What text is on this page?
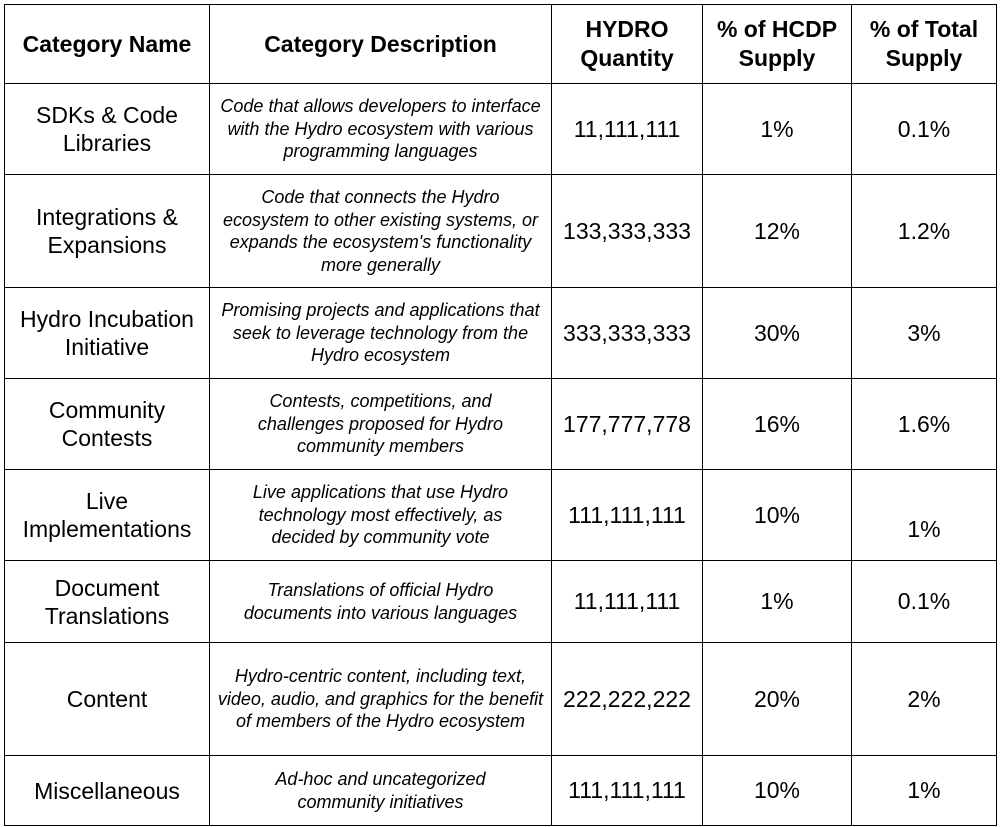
Category Name	Category Description	HYDRO Quantity	% of HCDP Supply	% of Total Supply
SDKs & Code Libraries	Code that allows developers to interface with the Hydro ecosystem with various programming languages	11,111,111	1%	0.1%
Integrations & Expansions	Code that connects the Hydro ecosystem to other existing systems, or expands the ecosystem's functionality more generally	133,333,333	12%	1.2%
Hydro Incubation Initiative	Promising projects and applications that seek to leverage technology from the Hydro ecosystem	333,333,333	30%	3%
Community Contests	Contests, competitions, and challenges proposed for Hydro community members	177,777,778	16%	1.6%
Live Implementations	Live applications that use Hydro technology most effectively, as decided by community vote	111,111,111	10%	1%
Document Translations	Translations of official Hydro documents into various languages	11,111,111	1%	0.1%
Content	Hydro-centric content, including text, video, audio, and graphics for the benefit of members of the Hydro ecosystem	222,222,222	20%	2%
Miscellaneous	Ad-hoc and uncategorized community initiatives	111,111,111	10%	1%
